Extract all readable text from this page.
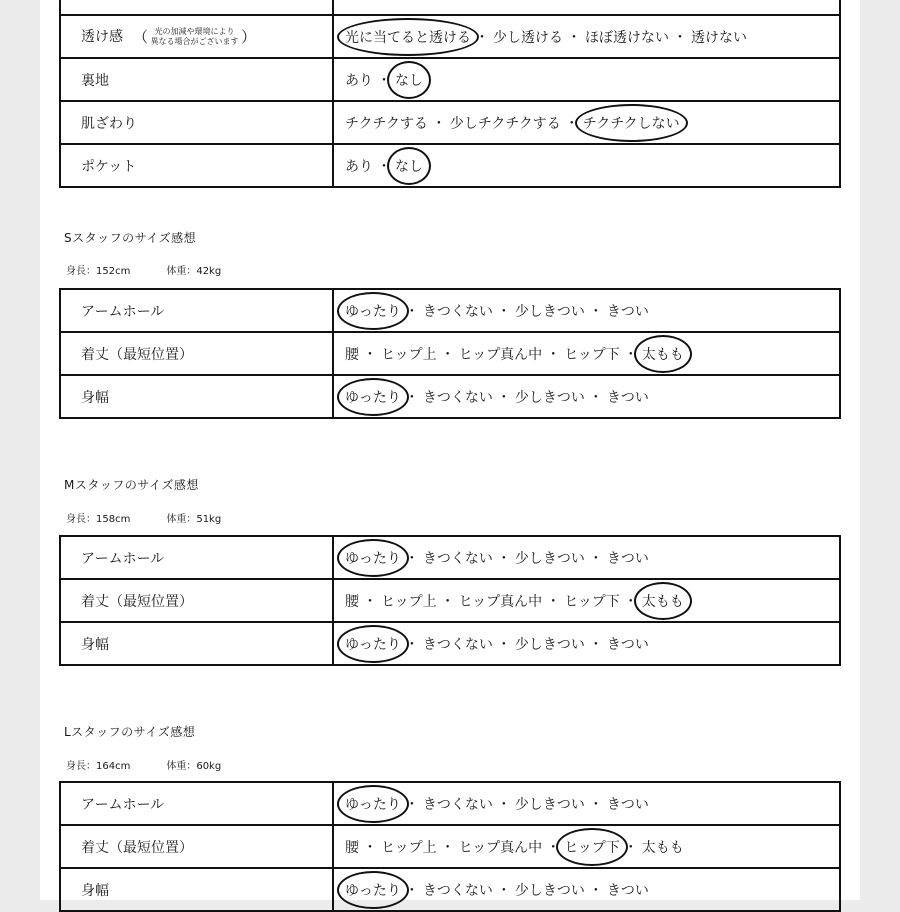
透け感 （ 光の加減や環境により
異なる場合がございます ）	光に当てると透ける ・ 少し透ける ・ ほぼ透けない ・ 透けない
裏地	あり ・ なし
肌ざわり	チクチクする ・ 少しチクチクする ・ チクチクしない
ポケット	あり ・ なし
Sスタッフのサイズ感想
身長：152cm	体重：42kg
アームホール	ゆったり ・ きつくない ・ 少しきつい ・ きつい
着丈（最短位置）	腰 ・ ヒップ上 ・ ヒップ真ん中 ・ ヒップ下 ・ 太もも
身幅	ゆったり ・ きつくない ・ 少しきつい ・ きつい
Mスタッフのサイズ感想
身長：158cm	体重：51kg
アームホール	ゆったり ・ きつくない ・ 少しきつい ・ きつい
着丈（最短位置）	腰 ・ ヒップ上 ・ ヒップ真ん中 ・ ヒップ下 ・ 太もも
身幅	ゆったり ・ きつくない ・ 少しきつい ・ きつい
Lスタッフのサイズ感想
身長：164cm	体重：60kg
アームホール	ゆったり ・ きつくない ・ 少しきつい ・ きつい
着丈（最短位置）	腰 ・ ヒップ上 ・ ヒップ真ん中 ・ ヒップ下 ・ 太もも
身幅	ゆったり ・ きつくない ・ 少しきつい ・ きつい
